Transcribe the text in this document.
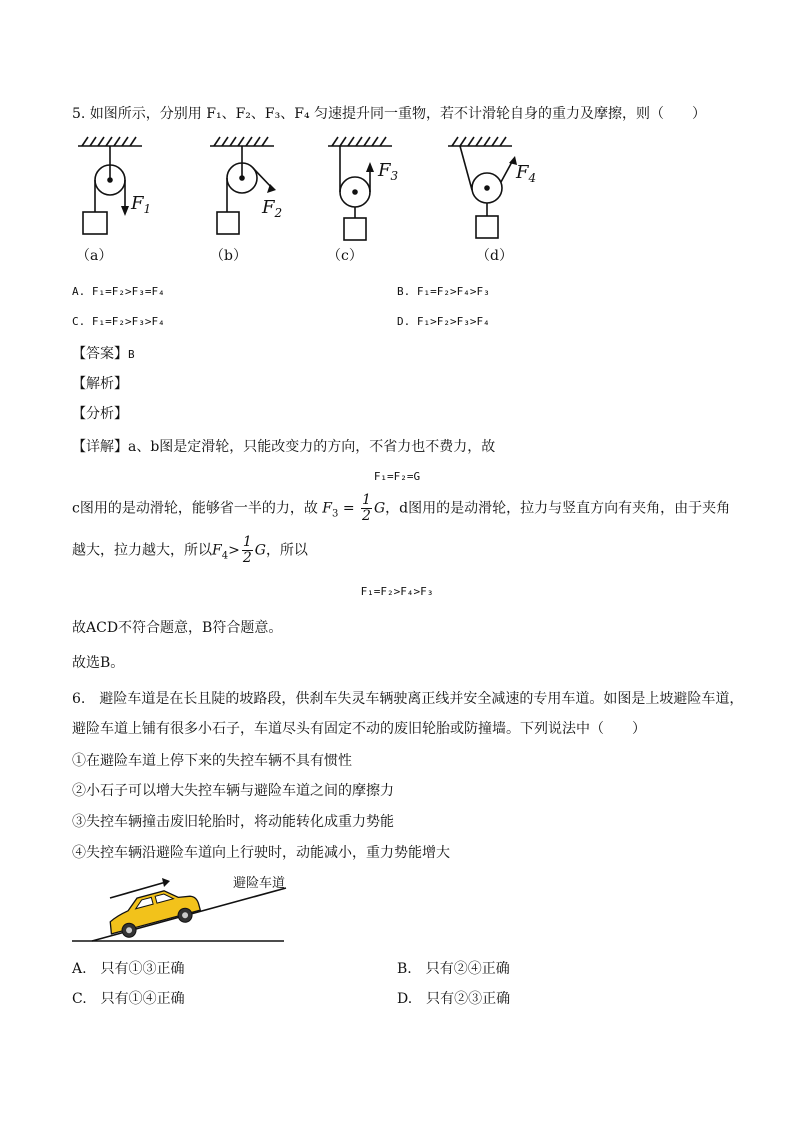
5. 如图所示，分别用 F₁、F₂、F₃、F₄ 匀速提升同一重物，若不计滑轮自身的重力及摩擦，则（　　）
$F_1$	$F_2$
$F_3$	$F_4$
（a）	（b）	（c）	（d）
A. F₁=F₂>F₃=F₄	B. F₁=F₂>F₄>F₃
C. F₁=F₂>F₃>F₄	D. F₁>F₂>F₃>F₄
【答案】B
【解析】
【分析】
【详解】a、b图是定滑轮，只能改变力的方向，不省力也不费力，故
F₁=F₂=G
c图用的是动滑轮，能够省一半的力，故 $F_3 = \frac{1}{2}$ G，d图用的是动滑轮，拉力与竖直方向有夹角，由于夹角
越大，拉力越大，所以$F_4> \frac{1}{2}$ G，所以
F₁=F₂>F₄>F₃
故ACD不符合题意，B符合题意。
故选B。
6.　避险车道是在长且陡的坡路段，供刹车失灵车辆驶离正线并安全减速的专用车道。如图是上坡避险车道，
避险车道上铺有很多小石子，车道尽头有固定不动的废旧轮胎或防撞墙。下列说法中（　　）
①在避险车道上停下来的失控车辆不具有惯性
②小石子可以增大失控车辆与避险车道之间的摩擦力
③失控车辆撞击废旧轮胎时，将动能转化成重力势能
④失控车辆沿避险车道向上行驶时，动能减小，重力势能增大
避险车道
A.　只有①③正确	B.　只有②④正确
C.　只有①④正确	D.　只有②③正确
